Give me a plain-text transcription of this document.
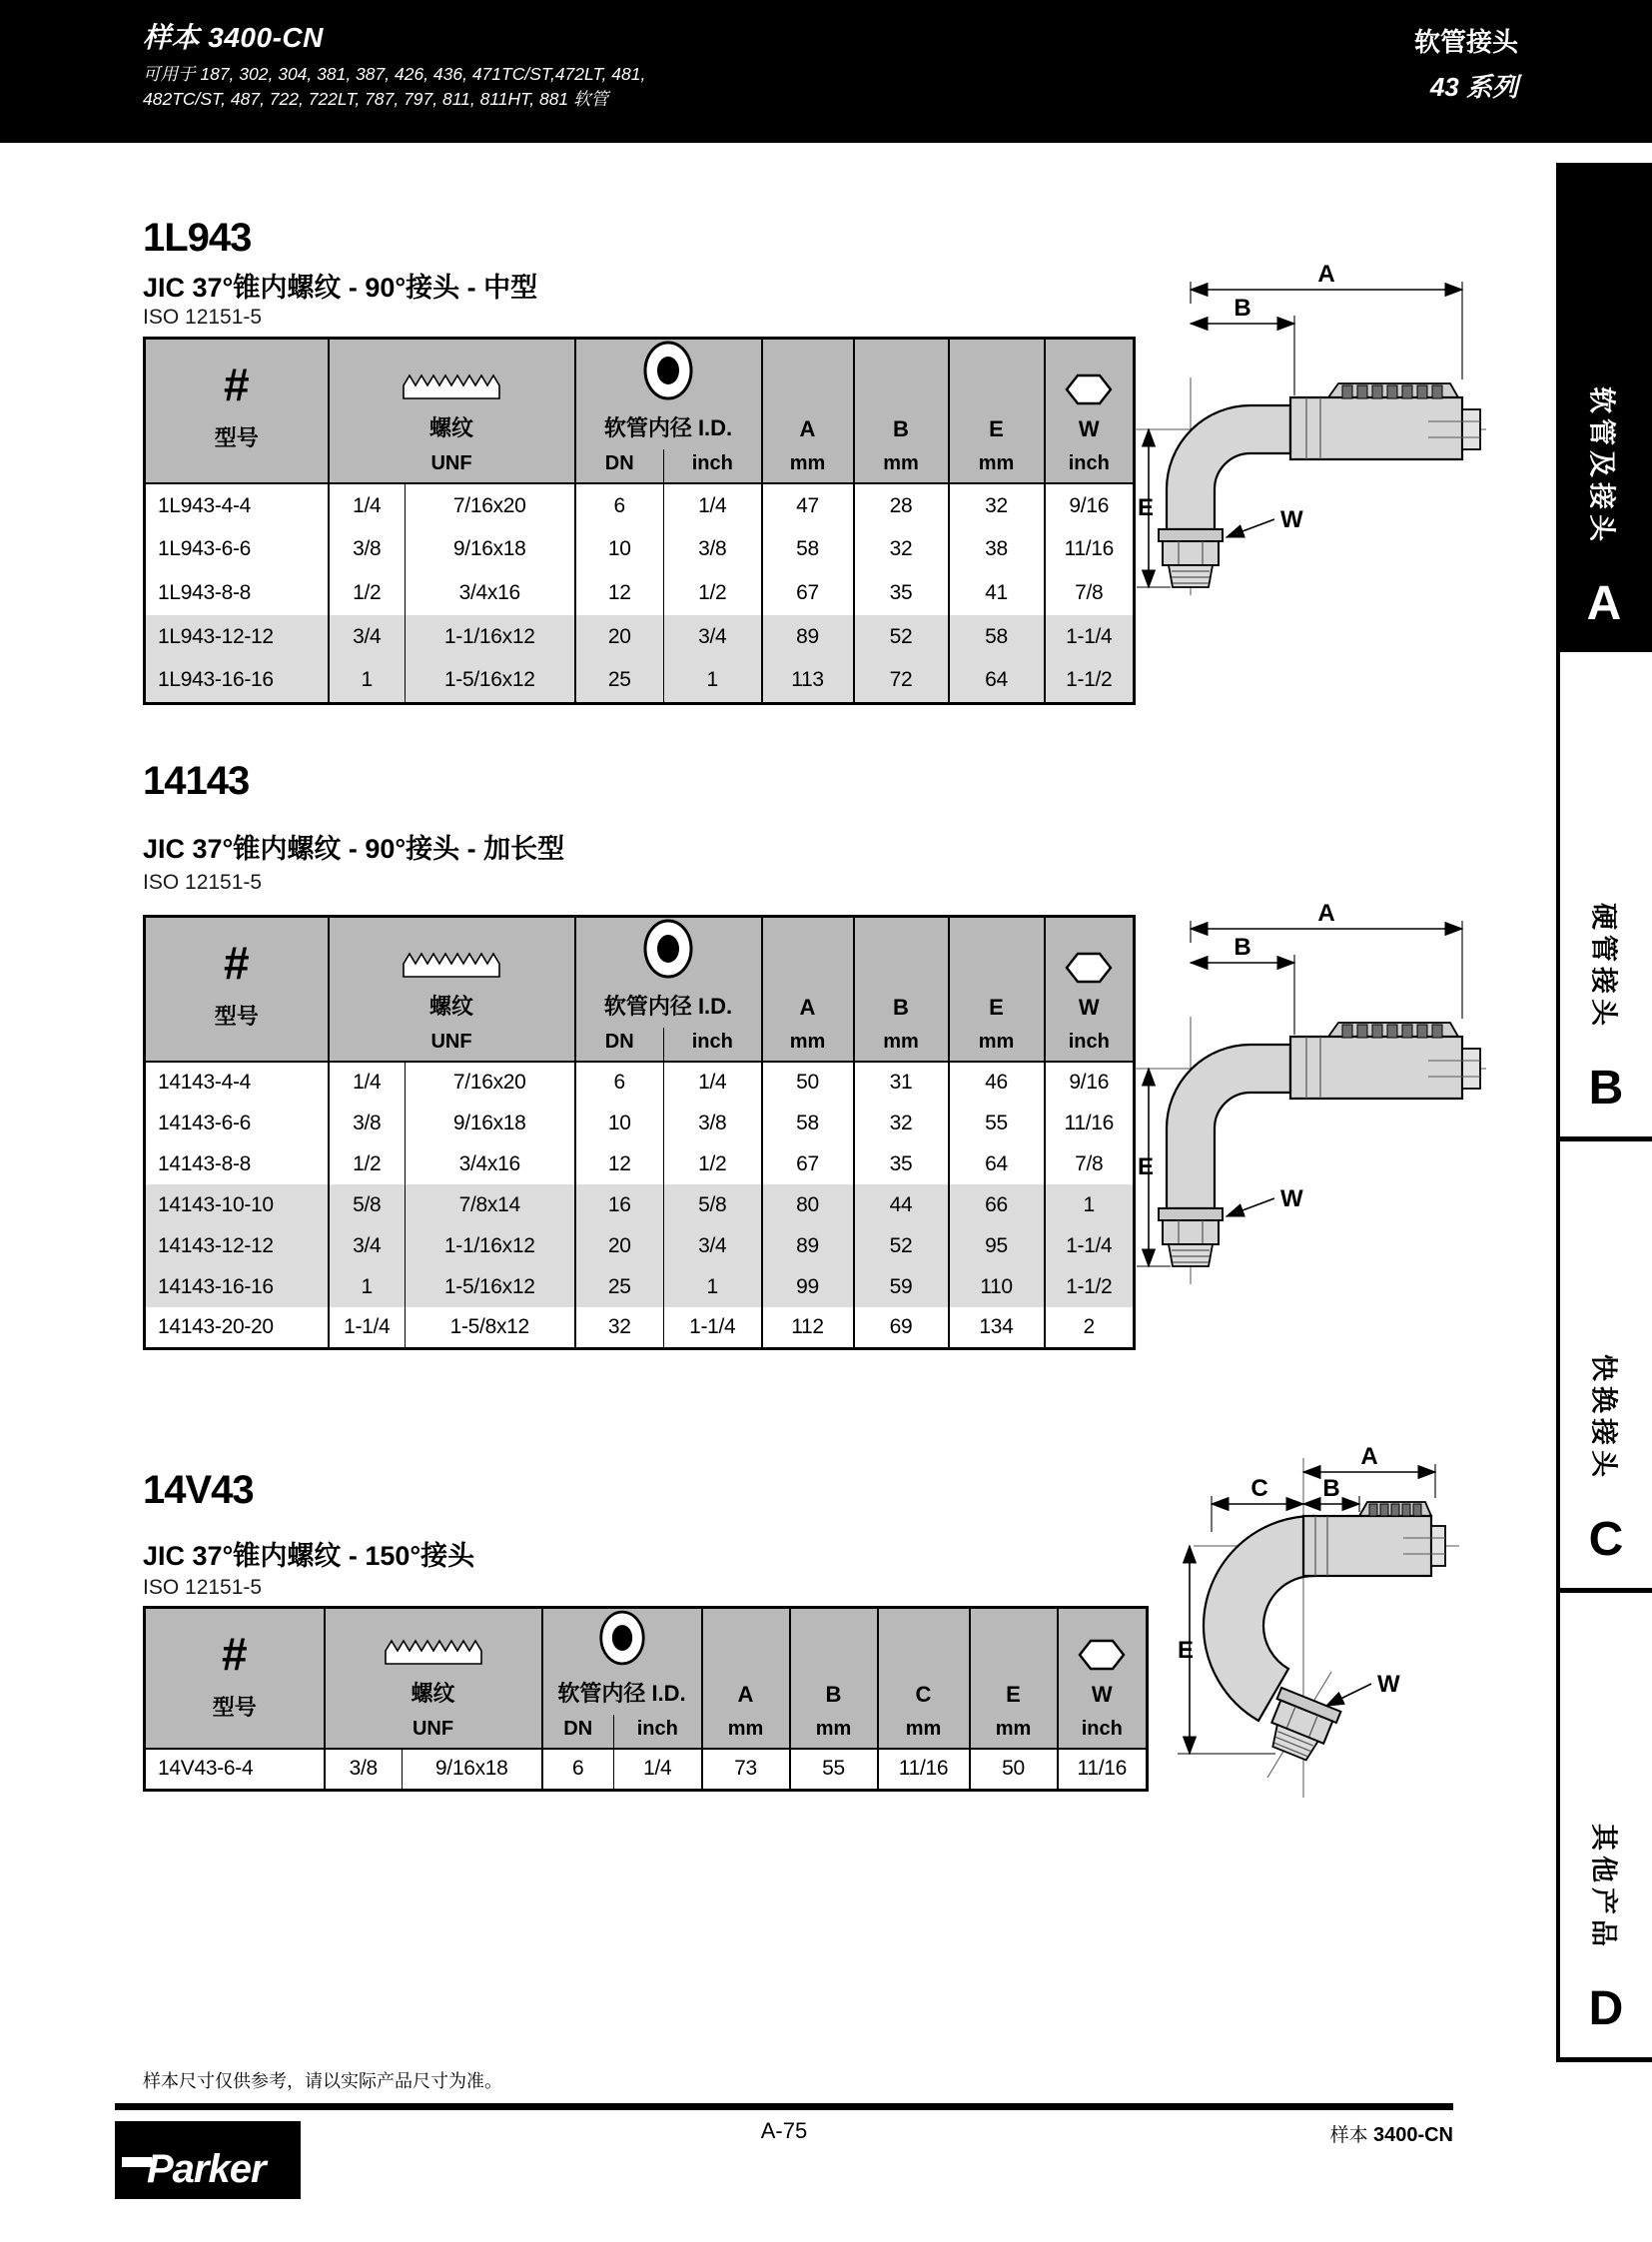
样本 3400-CN
可用于 187, 302, 304, 381, 387, 426, 436, 471TC/ST,472LT, 481,
482TC/ST, 487, 722, 722LT, 787, 797, 811, 811HT, 881 软管
软管接头
43 系列
1L943
JIC 37°锥内螺纹 - 90°接头 - 中型
ISO 12151-5
#
型号	螺纹		软管内径 I.D.		A	B	E	W

	UNF		DN	inch	mm	mm	mm	inch
1L943-4-4	1/4	7/16x20	6	1/4	47	28	32	9/16
1L943-6-6	3/8	9/16x18	10	3/8	58	32	38	11/16
1L943-8-8	1/2	3/4x16	12	1/2	67	35	41	7/8
1L943-12-12	3/4	1-1/16x12	20	3/4	89	52	58	1-1/4
1L943-16-16	1	1-5/16x12	25	1	113	72	64	1-1/2
A
B
E	W
14143
JIC 37°锥内螺纹 - 90°接头 - 加长型
ISO 12151-5
#
型号	螺纹		软管内径 I.D.		A	B	E	W

	UNF		DN	inch	mm	mm	mm	inch
14143-4-4	1/4	7/16x20	6	1/4	50	31	46	9/16
14143-6-6	3/8	9/16x18	10	3/8	58	32	55	11/16
14143-8-8	1/2	3/4x16	12	1/2	67	35	64	7/8
14143-10-10	5/8	7/8x14	16	5/8	80	44	66	1
14143-12-12	3/4	1-1/16x12	20	3/4	89	52	95	1-1/4
14143-16-16	1	1-5/16x12	25	1	99	59	110	1-1/2
14143-20-20	1-1/4	1-5/8x12	32	1-1/4	112	69	134	2
A
B
E
W
14V43
JIC 37°锥内螺纹 - 150°接头
ISO 12151-5
#
型号	螺纹		软管内径 I.D.		A	B	C	E	W

	UNF		DN	inch	mm	mm	mm	mm	inch
14V43-6-4	3/8	9/16x18	6	1/4	73	55	11/16	50	11/16
A
C B
E
W
软管及接头
A
硬管接头
B
快换接头
C
其他产品
D
样本尺寸仅供参考，请以实际产品尺寸为准。
A-75	样本 3400-CN
Parker
